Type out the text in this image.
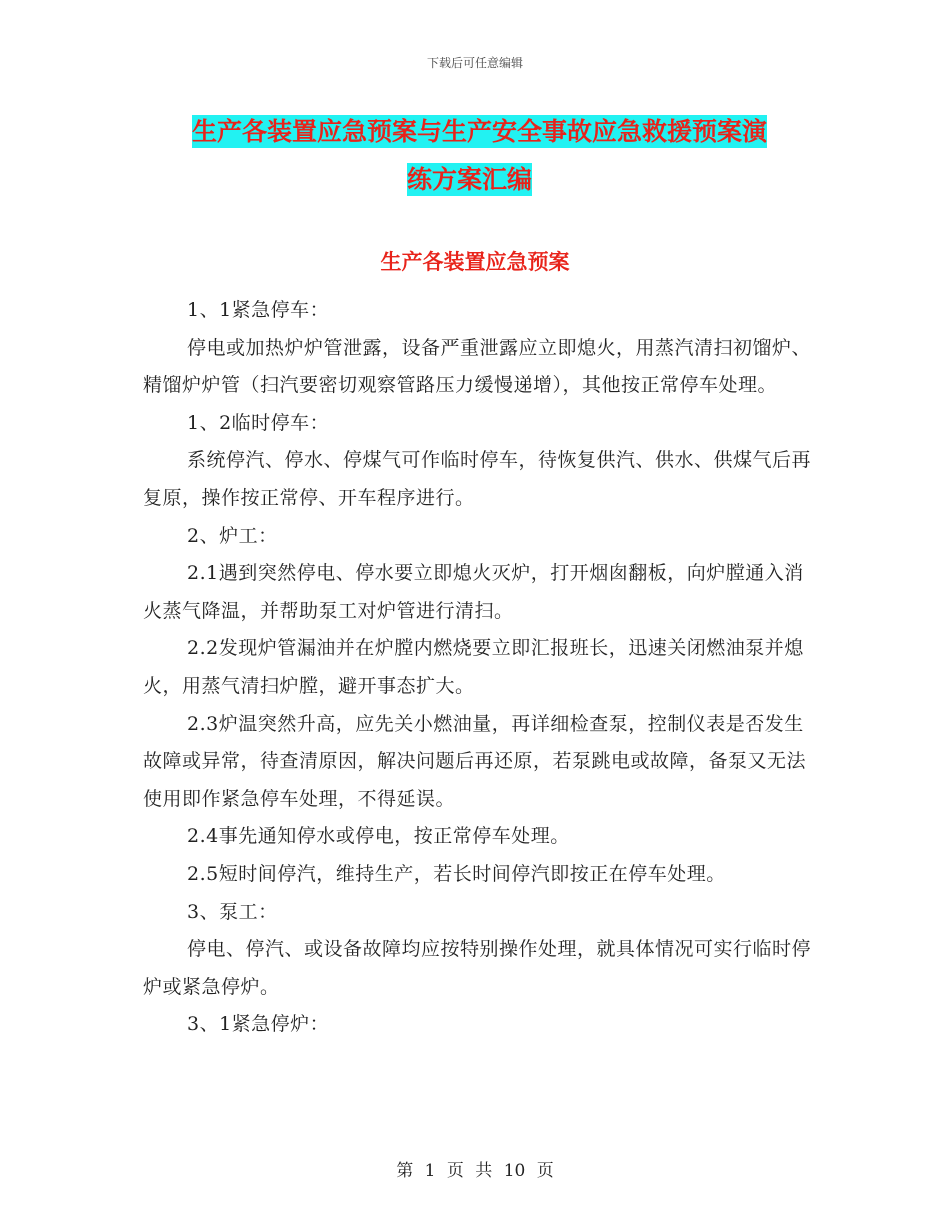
下载后可任意编辑
生产各装置应急预案与生产安全事故应急救援预案演
练方案汇编
生产各装置应急预案

1、1紧急停车：

停电或加热炉炉管泄露，设备严重泄露应立即熄火，用蒸汽清扫初馏炉、精馏炉炉管（扫汽要密切观察管路压力缓慢递增），其他按正常停车处理。

1、2临时停车：

系统停汽、停水、停煤气可作临时停车，待恢复供汽、供水、供煤气后再复原，操作按正常停、开车程序进行。

2、炉工：

2.1遇到突然停电、停水要立即熄火灭炉，打开烟囱翻板，向炉膛通入消火蒸气降温，并帮助泵工对炉管进行清扫。

2.2发现炉管漏油并在炉膛内燃烧要立即汇报班长，迅速关闭燃油泵并熄火，用蒸气清扫炉膛，避开事态扩大。

2.3炉温突然升高，应先关小燃油量，再详细检查泵，控制仪表是否发生故障或异常，待查清原因，解决问题后再还原，若泵跳电或故障，备泵又无法使用即作紧急停车处理，不得延误。

2.4事先通知停水或停电，按正常停车处理。

2.5短时间停汽，维持生产，若长时间停汽即按正在停车处理。

3、泵工：

停电、停汽、或设备故障均应按特别操作处理，就具体情况可实行临时停炉或紧急停炉。

3、1紧急停炉：

第 1 页 共 10 页
